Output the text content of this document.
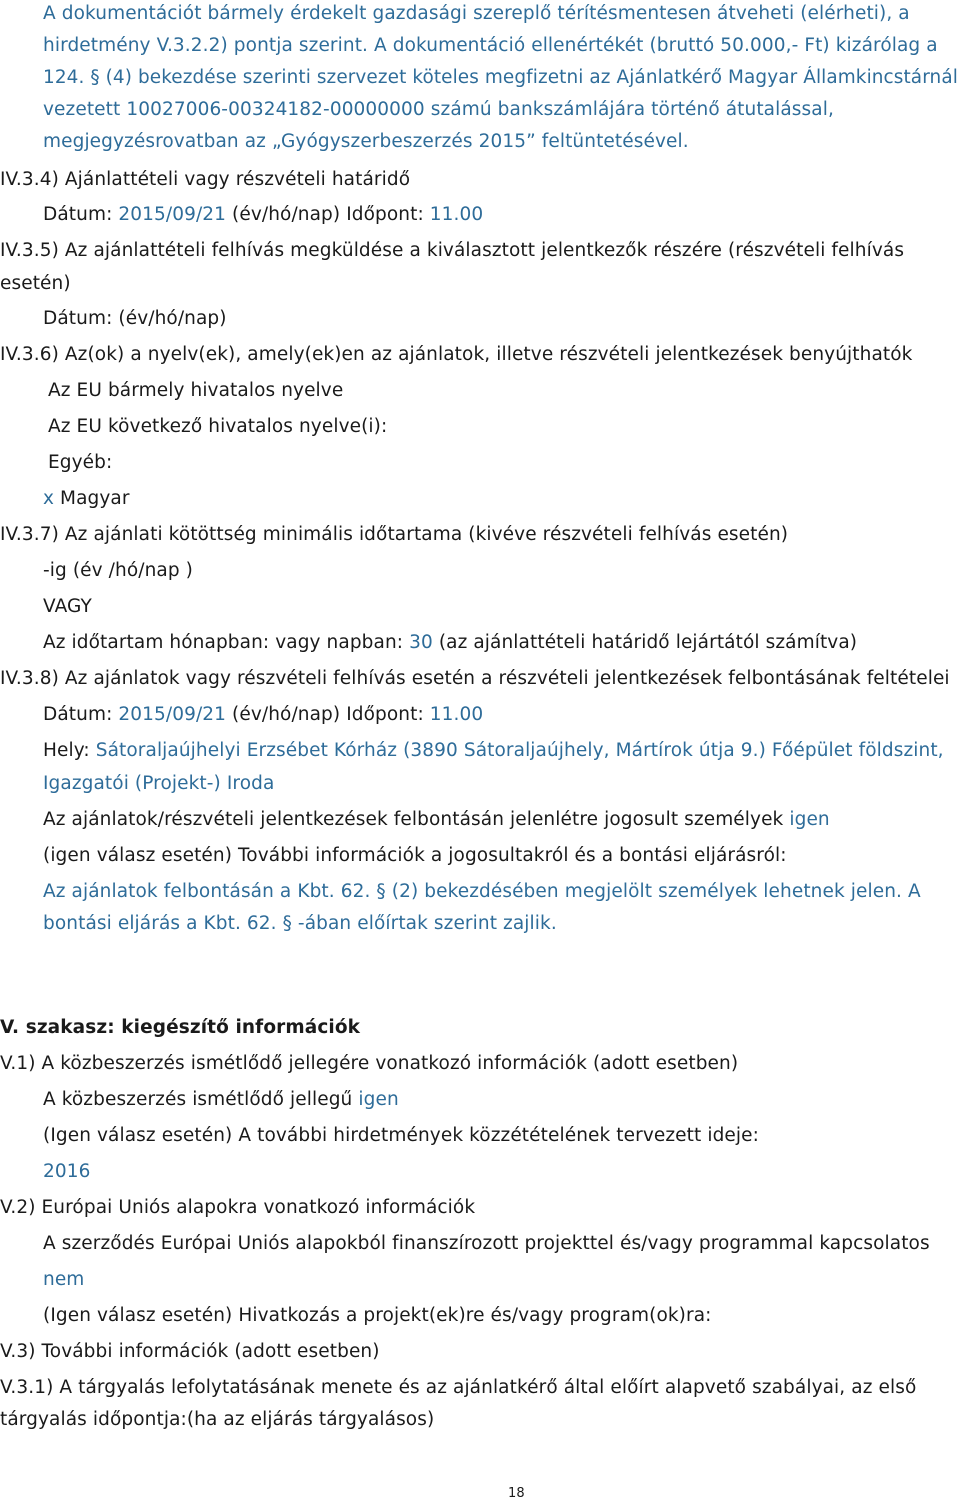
A dokumentációt bármely érdekelt gazdasági szereplő térítésmentesen átveheti (elérheti), a
hirdetmény V.3.2.2) pontja szerint. A dokumentáció ellenértékét (bruttó 50.000,- Ft) kizárólag a
124. § (4) bekezdése szerinti szervezet köteles megfizetni az Ajánlatkérő Magyar Államkincstárnál
vezetett 10027006-00324182-00000000 számú bankszámlájára történő átutalással,
megjegyzésrovatban az „Gyógyszerbeszerzés 2015” feltüntetésével.
IV.3.4) Ajánlattételi vagy részvételi határidő
Dátum: 2015/09/21 (év/hó/nap) Időpont: 11.00
IV.3.5) Az ajánlattételi felhívás megküldése a kiválasztott jelentkezők részére (részvételi felhívás
esetén)
Dátum: (év/hó/nap)
IV.3.6) Az(ok) a nyelv(ek), amely(ek)en az ajánlatok, illetve részvételi jelentkezések benyújthatók
Az EU bármely hivatalos nyelve
Az EU következő hivatalos nyelve(i):
Egyéb:
x Magyar
IV.3.7) Az ajánlati kötöttség minimális időtartama (kivéve részvételi felhívás esetén)
-ig (év /hó/nap )
VAGY
Az időtartam hónapban: vagy napban: 30 (az ajánlattételi határidő lejártától számítva)
IV.3.8) Az ajánlatok vagy részvételi felhívás esetén a részvételi jelentkezések felbontásának feltételei
Dátum: 2015/09/21 (év/hó/nap) Időpont: 11.00
Hely: Sátoraljaújhelyi Erzsébet Kórház (3890 Sátoraljaújhely, Mártírok útja 9.) Főépület földszint,
Igazgatói (Projekt-) Iroda
Az ajánlatok/részvételi jelentkezések felbontásán jelenlétre jogosult személyek igen
(igen válasz esetén) További információk a jogosultakról és a bontási eljárásról:
Az ajánlatok felbontásán a Kbt. 62. § (2) bekezdésében megjelölt személyek lehetnek jelen. A
bontási eljárás a Kbt. 62. § -ában előírtak szerint zajlik.
V. szakasz: kiegészítő információk
V.1) A közbeszerzés ismétlődő jellegére vonatkozó információk (adott esetben)
A közbeszerzés ismétlődő jellegű igen
(Igen válasz esetén) A további hirdetmények közzétételének tervezett ideje:
2016
V.2) Európai Uniós alapokra vonatkozó információk
A szerződés Európai Uniós alapokból finanszírozott projekttel és/vagy programmal kapcsolatos
nem
(Igen válasz esetén) Hivatkozás a projekt(ek)re és/vagy program(ok)ra:
V.3) További információk (adott esetben)
V.3.1) A tárgyalás lefolytatásának menete és az ajánlatkérő által előírt alapvető szabályai, az első
tárgyalás időpontja:(ha az eljárás tárgyalásos)
18
